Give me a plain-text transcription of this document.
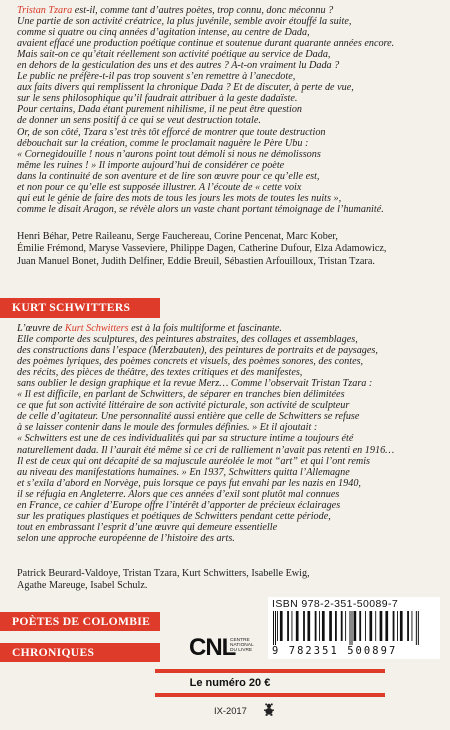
Tristan Tzara est-il, comme tant d’autres poètes, trop connu, donc méconnu ?
Une partie de son activité créatrice, la plus juvénile, semble avoir étouffé la suite,
comme si quatre ou cinq années d’agitation intense, au centre de Dada,
avaient effacé une production poétique continue et soutenue durant quarante années encore.
Mais sait-on ce qu’était réellement son activité poétique au service de Dada,
en dehors de la gesticulation des uns et des autres ? A-t-on vraiment lu Dada ?
Le public ne préfère-t-il pas trop souvent s’en remettre à l’anecdote,
aux faits divers qui remplissent la chronique Dada ? Et de discuter, à perte de vue,
sur le sens philosophique qu’il faudrait attribuer à la geste dadaïste.
Pour certains, Dada étant purement nihilisme, il ne peut être question
de donner un sens positif à ce qui se veut destruction totale.
Or, de son côté, Tzara s’est très tôt efforcé de montrer que toute destruction
débouchait sur la création, comme le proclamait naguère le Père Ubu :
« Cornegidouille ! nous n’aurons point tout démoli si nous ne démolissons
même les ruines ! » Il importe aujourd’hui de considérer ce poète
dans la continuité de son aventure et de lire son œuvre pour ce qu’elle est,
et non pour ce qu’elle est supposée illustrer. A l’écoute de « cette voix
qui eut le génie de faire des mots de tous les jours les mots de toutes les nuits »,
comme le disait Aragon, se révèle alors un vaste chant portant témoignage de l’humanité.
Henri Béhar, Petre Raileanu, Serge Fauchereau, Corine Pencenat, Marc Kober,
Émilie Frémond, Maryse Vasseviere, Philippe Dagen, Catherine Dufour, Elza Adamowicz,
Juan Manuel Bonet, Judith Delfiner, Eddie Breuil, Sébastien Arfouilloux, Tristan Tzara.
KURT SCHWITTERS
L’œuvre de Kurt Schwitters est à la fois multiforme et fascinante.
Elle comporte des sculptures, des peintures abstraites, des collages et assemblages,
des constructions dans l’espace (Merzbauten), des peintures de portraits et de paysages,
des poèmes lyriques, des poèmes concrets et visuels, des poèmes sonores, des contes,
des récits, des pièces de théâtre, des textes critiques et des manifestes,
sans oublier le design graphique et la revue Merz… Comme l’observait Tristan Tzara :
« Il est difficile, en parlant de Schwitters, de séparer en tranches bien délimitées
ce que fut son activité littéraire de son activité picturale, son activité de sculpteur
de celle d’agitateur. Une personnalité aussi entière que celle de Schwitters se refuse
à se laisser contenir dans le moule des formules définies. » Et il ajoutait :
« Schwitters est une de ces individualités qui par sa structure intime a toujours été
naturellement dada. Il l’aurait été même si ce cri de ralliement n’avait pas retenti en 1916…
Il est de ceux qui ont décapité de sa majuscule auréolée le mot “art” et qui l’ont remis
au niveau des manifestations humaines. » En 1937, Schwitters quitta l’Allemagne
et s’exila d’abord en Norvège, puis lorsque ce pays fut envahi par les nazis en 1940,
il se réfugia en Angleterre. Alors que ces années d’exil sont plutôt mal connues
en France, ce cahier d’Europe offre l’intérêt d’apporter de précieux éclairages
sur les pratiques plastiques et poétiques de Schwitters pendant cette période,
tout en embrassant l’esprit d’une œuvre qui demeure essentielle
selon une approche européenne de l’histoire des arts.
Patrick Beurard-Valdoye, Tristan Tzara, Kurt Schwitters, Isabelle Ewig,
Agathe Mareuge, Isabel Schulz.
POÈTES DE COLOMBIE
CHRONIQUES
ISBN 978-2-351-50089-7
9 782351 500897
CNL
CENTRE NATIONAL DU LIVRE
Le numéro 20 €
IX-2017
